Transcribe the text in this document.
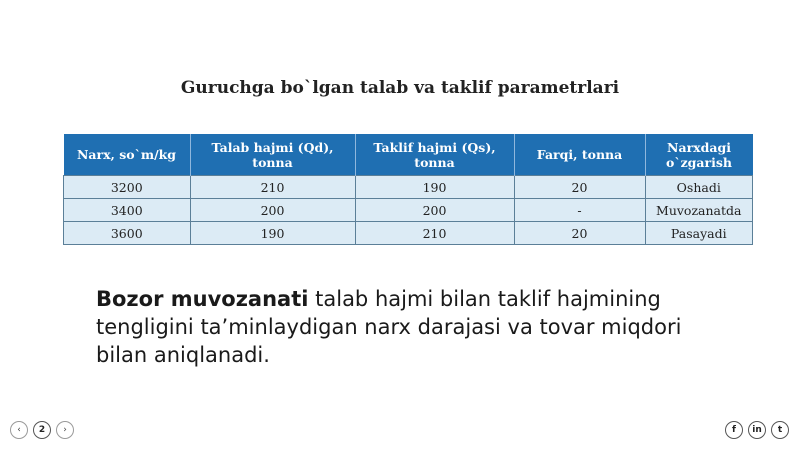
Guruchga bo`lgan talab va taklif parametrlari
Narx, so`m/kg	Talab hajmi (Qd), tonna	Taklif hajmi (Qs), tonna	Farqi, tonna	Narxdagi o`zgarish
3200	210	190	20	Oshadi
3400	200	200	-	Muvozanatda
3600	190	210	20	Pasayadi
Bozor muvozanati talab hajmi bilan taklif hajmining tengligini ta’minlaydigan narx darajasi va tovar miqdori bilan aniqlanadi.
‹	2	›	f in t
